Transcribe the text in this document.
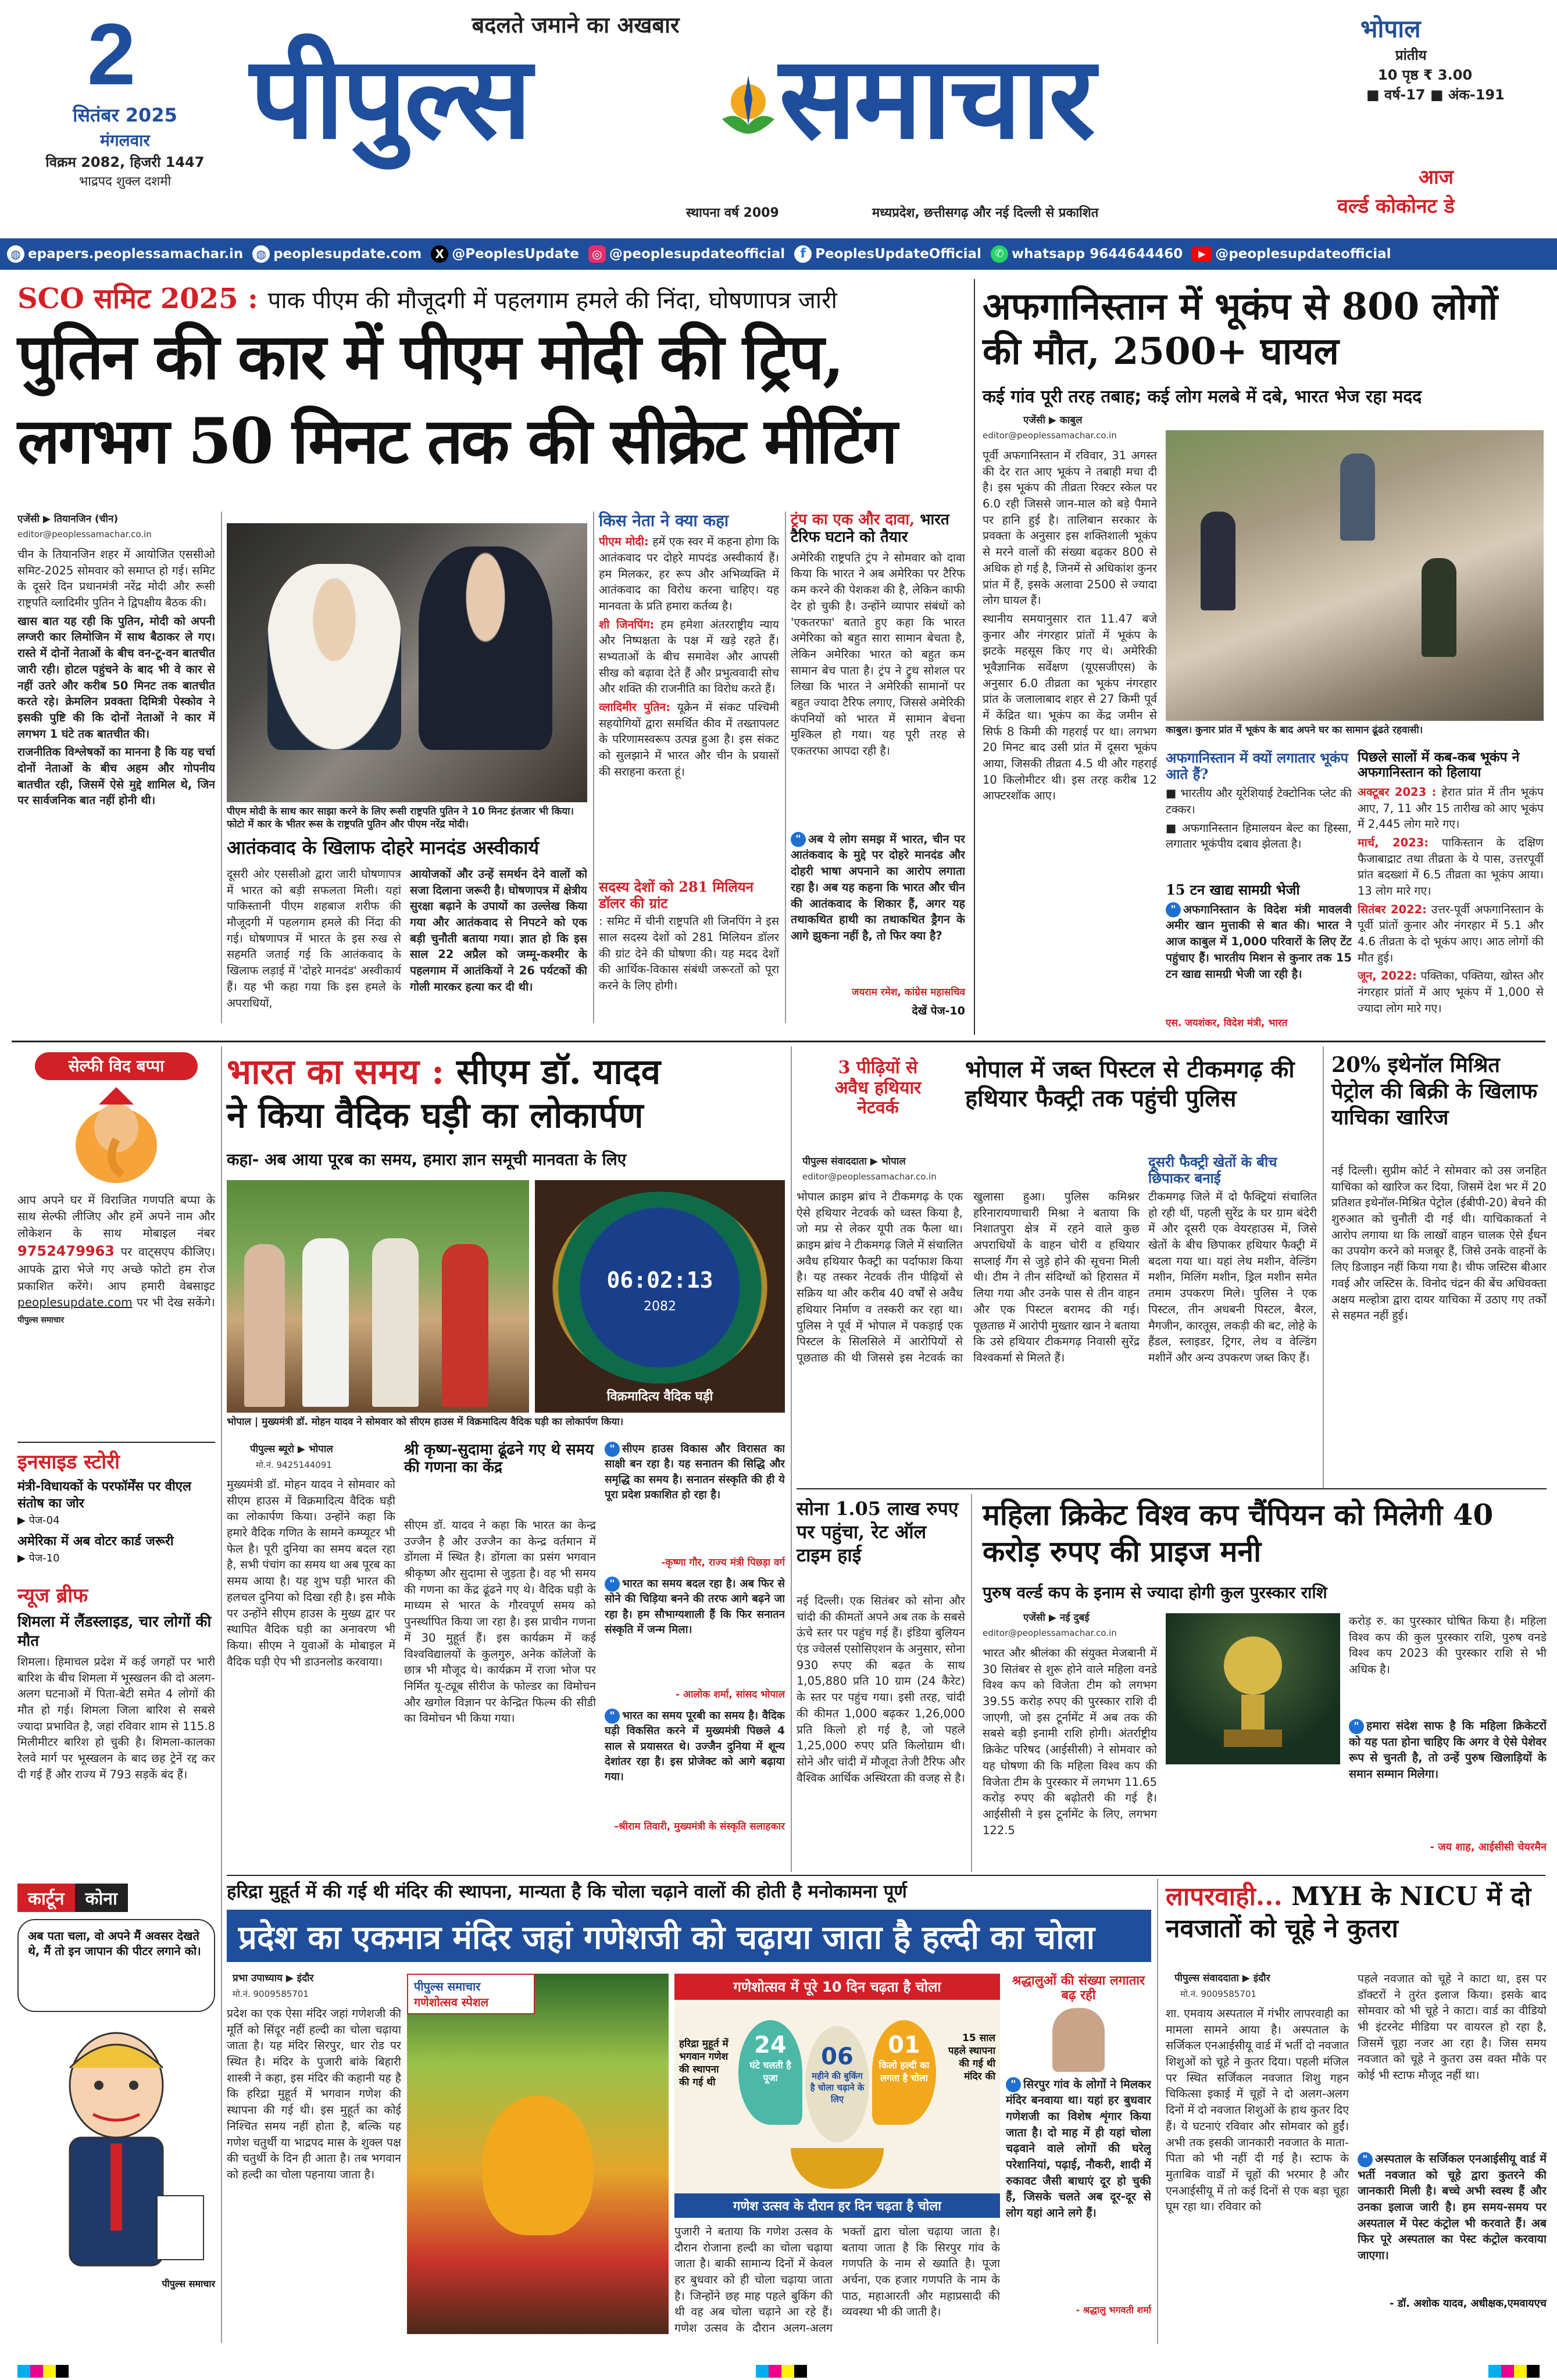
2
सितंबर 2025
मंगलवार
विक्रम 2082, हिजरी 1447
भाद्रपद शुक्ल दशमी
बदलते जमाने का अखबार
पीपुल्स समाचार
स्थापना वर्ष 2009	मध्यप्रदेश, छत्तीसगढ़ और नई दिल्ली से प्रकाशित
भोपाल
प्रांतीय
10 पृष्ठ ₹ 3.00
■ वर्ष-17 ■ अंक-191
आज
वर्ल्ड कोकोनट डे
◍ epapers.peoplessamachar.in	◍ peoplesupdate.com	X @PeoplesUpdate	◎ @peoplesupdateofficial	f PeoplesUpdateOfficial	✆ whatsapp 9644644460	▶ @peoplesupdateofficial
SCO समिट 2025 : पाक पीएम की मौजूदगी में पहलगाम हमले की निंदा, घोषणापत्र जारी
पुतिन की कार में पीएम मोदी की ट्रिप,
लगभग 50 मिनट तक की सीक्रेट मीटिंग
एजेंसी ▶ तियानजिन (चीन)
editor@peoplessamachar.co.in

चीन के तियानजिन शहर में आयोजित एससीओ समिट-2025 सोमवार को समाप्त हो गई। समिट के दूसरे दिन प्रधानमंत्री नरेंद्र मोदी और रूसी राष्ट्रपति व्लादिमीर पुतिन ने द्विपक्षीय बैठक की।

खास बात यह रही कि पुतिन, मोदी को अपनी लग्जरी कार लिमोजिन में साथ बैठाकर ले गए। रास्ते में दोनों नेताओं के बीच वन-टू-वन बातचीत जारी रही। होटल पहुंचने के बाद भी वे कार से नहीं उतरे और करीब 50 मिनट तक बातचीत करते रहे। क्रेमलिन प्रवक्ता दिमित्री पेस्कोव ने इसकी पुष्टि की कि दोनों नेताओं ने कार में लगभग 1 घंटे तक बातचीत की।

राजनीतिक विश्लेषकों का मानना है कि यह चर्चा दोनों नेताओं के बीच अहम और गोपनीय बातचीत रही, जिसमें ऐसे मुद्दे शामिल थे, जिन पर सार्वजनिक बात नहीं होनी थी।

पीएम मोदी के साथ कार साझा करने के लिए रूसी राष्ट्रपति पुतिन ने 10 मिनट इंतजार भी किया। फोटो में कार के भीतर रूस के राष्ट्रपति पुतिन और पीएम नरेंद्र मोदी।
आतंकवाद के खिलाफ दोहरे मानदंड अस्वीकार्य
दूसरी ओर एससीओ द्वारा जारी घोषणापत्र में भारत को बड़ी सफलता मिली। यहां पाकिस्तानी पीएम शहबाज शरीफ की मौजूदगी में पहलगाम हमले की निंदा की गई। घोषणापत्र में भारत के इस रुख से सहमति जताई गई कि आतंकवाद के खिलाफ लड़ाई में 'दोहरे मानदंड' अस्वीकार्य हैं। यह भी कहा गया कि इस हमले के अपराधियों,
आयोजकों और उन्हें समर्थन देने वालों को सजा दिलाना जरूरी है। घोषणापत्र में क्षेत्रीय सुरक्षा बढ़ाने के उपायों का उल्लेख किया गया और आतंकवाद से निपटने को एक बड़ी चुनौती बताया गया। ज्ञात हो कि इस साल 22 अप्रैल को जम्मू-कश्मीर के पहलगाम में आतंकियों ने 26 पर्यटकों की गोली मारकर हत्या कर दी थी।
किस नेता ने क्या कहा

पीएम मोदी: हमें एक स्वर में कहना होगा कि आतंकवाद पर दोहरे मापदंड अस्वीकार्य हैं। हम मिलकर, हर रूप और अभिव्यक्ति में आतंकवाद का विरोध करना चाहिए। यह मानवता के प्रति हमारा कर्तव्य है।

शी जिनपिंग: हम हमेशा अंतरराष्ट्रीय न्याय और निष्पक्षता के पक्ष में खड़े रहते हैं। सभ्यताओं के बीच समावेश और आपसी सीख को बढ़ावा देते हैं और प्रभुत्ववादी सोच और शक्ति की राजनीति का विरोध करते हैं।

व्लादिमीर पुतिन: यूक्रेन में संकट पश्चिमी सहयोगियों द्वारा समर्थित कीव में तख्तापलट के परिणामस्वरूप उत्पन्न हुआ है। इस संकट को सुलझाने में भारत और चीन के प्रयासों की सराहना करता हूं।

सदस्य देशों को 281 मिलियन डॉलर की ग्रांट
: समिट में चीनी राष्ट्रपति शी जिनपिंग ने इस साल सदस्य देशों को 281 मिलियन डॉलर की ग्रांट देने की घोषणा की। यह मदद देशों की आर्थिक-विकास संबंधी जरूरतों को पूरा करने के लिए होगी।
ट्रंप का एक और दावा, भारत टैरिफ घटाने को तैयार
अमेरिकी राष्ट्रपति ट्रंप ने सोमवार को दावा किया कि भारत ने अब अमेरिका पर टैरिफ कम करने की पेशकश की है, लेकिन काफी देर हो चुकी है। उन्होंने व्यापार संबंधों को 'एकतरफा' बताते हुए कहा कि भारत अमेरिका को बहुत सारा सामान बेचता है, लेकिन अमेरिका भारत को बहुत कम सामान बेच पाता है। ट्रंप ने ट्रुथ सोशल पर लिखा कि भारत ने अमेरिकी सामानों पर बहुत ज्यादा टैरिफ लगाए, जिससे अमेरिकी कंपनियों को भारत में सामान बेचना मुश्किल हो गया। यह पूरी तरह से एकतरफा आपदा रही है।
" अब ये लोग समझ में भारत, चीन पर आतंकवाद के मुद्दे पर दोहरे मानदंड और दोहरी भाषा अपनाने का आरोप लगाता रहा है। अब यह कहना कि भारत और चीन की आतंकवाद के शिकार हैं, अगर यह तथाकथित हाथी का तथाकथित ड्रैगन के आगे झुकना नहीं है, तो फिर क्या है?
जयराम रमेश, कांग्रेस महासचिव
देखें पेज-10
अफगानिस्तान में भूकंप से 800 लोगों की मौत, 2500+ घायल
कई गांव पूरी तरह तबाह; कई लोग मलबे में दबे, भारत भेज रहा मदद
एजेंसी ▶ काबुल
editor@peoplessamachar.co.in

पूर्वी अफगानिस्तान में रविवार, 31 अगस्त की देर रात आए भूकंप ने तबाही मचा दी है। इस भूकंप की तीव्रता रिक्टर स्केल पर 6.0 रही जिससे जान-माल को बड़े पैमाने पर हानि हुई है। तालिबान सरकार के प्रवक्ता के अनुसार इस शक्तिशाली भूकंप से मरने वालों की संख्या बढ़कर 800 से अधिक हो गई है, जिनमें से अधिकांश कुनर प्रांत में हैं, इसके अलावा 2500 से ज्यादा लोग घायल हैं।

स्थानीय समयानुसार रात 11.47 बजे कुनार और नंगरहार प्रांतों में भूकंप के झटके महसूस किए गए थे। अमेरिकी भूवैज्ञानिक सर्वेक्षण (यूएसजीएस) के अनुसार 6.0 तीव्रता का भूकंप नंगरहार प्रांत के जलालाबाद शहर से 27 किमी पूर्व में केंद्रित था। भूकंप का केंद्र जमीन से सिर्फ 8 किमी की गहराई पर था। लगभग 20 मिनट बाद उसी प्रांत में दूसरा भूकंप आया, जिसकी तीव्रता 4.5 थी और गहराई 10 किलोमीटर थी। इस तरह करीब 12 आफ्टरशॉक आए।

काबुल। कुनार प्रांत में भूकंप के बाद अपने घर का सामान ढूंढते रहवासी।
अफगानिस्तान में क्यों लगातार भूकंप आते हैं?

■ भारतीय और यूरेशियाई टेक्टोनिक प्लेट की टक्कर।

■ अफगानिस्तान हिमालयन बेल्ट का हिस्सा, लगातार भूकंपीय दबाव झेलता है।

15 टन खाद्य सामग्री भेजी
" अफगानिस्तान के विदेश मंत्री मावलवी अमीर खान मुत्ताकी से बात की। भारत ने आज काबुल में 1,000 परिवारों के लिए टेंट पहुंचाए हैं। भारतीय मिशन से कुनार तक 15 टन खाद्य सामग्री भेजी जा रही है।
एस. जयशंकर, विदेश मंत्री, भारत
पिछले सालों में कब-कब भूकंप ने अफगानिस्तान को हिलाया

अक्टूबर 2023 : हेरात प्रांत में तीन भूकंप आए, 7, 11 और 15 तारीख को आए भूकंप में 2,445 लोग मारे गए।

मार्च, 2023: पाकिस्तान के दक्षिण फैजाबाद्राट तथा तीव्रता के ये पास, उत्तरपूर्वी प्रांत बदख्शां में 6.5 तीव्रता का भूकंप आया। 13 लोग मारे गए।

सितंबर 2022: उत्तर-पूर्वी अफगानिस्तान के पूर्वी प्रांतों कुनार और नंगरहार में 5.1 और 4.6 तीव्रता के दो भूकंप आए। आठ लोगों की मौत हुई।

जून, 2022: पक्तिका, पक्तिया, खोस्त और नंगरहार प्रांतों में आए भूकंप में 1,000 से ज्यादा लोग मारे गए।

सेल्फी विद बप्पा
आप अपने घर में विराजित गणपति बप्पा के साथ सेल्फी लीजिए और हमें अपने नाम और लोकेशन के साथ मोबाइल नंबर 9752479963 पर वाट्सएप कीजिए। आपके द्वारा भेजे गए अच्छे फोटो हम रोज प्रकाशित करेंगे। आप हमारी वेबसाइट peoplesupdate.com पर भी देख सकेंगे। पीपुल्स समाचार
इनसाइड स्टोरी
मंत्री-विधायकों के परफॉर्मेंस पर वीएल संतोष का जोर
▶ पेज-04
अमेरिका में अब वोटर कार्ड जरूरी
▶ पेज-10
न्यूज ब्रीफ
शिमला में लैंडस्लाइड, चार लोगों की मौत
शिमला। हिमाचल प्रदेश में कई जगहों पर भारी बारिश के बीच शिमला में भूस्खलन की दो अलग-अलग घटनाओं में पिता-बेटी समेत 4 लोगों की मौत हो गई। शिमला जिला बारिश से सबसे ज्यादा प्रभावित है, जहां रविवार शाम से 115.8 मिलीमीटर बारिश हो चुकी है। शिमला-कालका रेलवे मार्ग पर भूस्खलन के बाद छह ट्रेनें रद्द कर दी गई हैं और राज्य में 793 सड़कें बंद हैं।
कार्टून	कोना
अब पता चला, वो अपने मैं अवसर देखते थे, मैं तो इन जापान की पीटर लगाने को।
पीपुल्स समाचार
भारत का समय : सीएम डॉ. यादव
ने किया वैदिक घड़ी का लोकार्पण
कहा- अब आया पूरब का समय, हमारा ज्ञान समूची मानवता के लिए
06:02:13
2082
विक्रमादित्य वैदिक घड़ी
भोपाल | मुख्यमंत्री डॉ. मोहन यादव ने सोमवार को सीएम हाउस में विक्रमादित्य वैदिक घड़ी का लोकार्पण किया।
पीपुल्स ब्यूरो ▶ भोपाल
मो.नं. 9425144091
मुख्यमंत्री डॉ. मोहन यादव ने सोमवार को सीएम हाउस में विक्रमादित्य वैदिक घड़ी का लोकार्पण किया। उन्होंने कहा कि हमारे वैदिक गणित के सामने कम्प्यूटर भी फेल है। पूरी दुनिया का समय बदल रहा है, सभी पंचांग का समय था अब पूरब का समय आया है। यह शुभ घड़ी भारत की हलचल दुनिया को दिखा रही है। इस मौके पर उन्होंने सीएम हाउस के मुख्य द्वार पर स्थापित वैदिक घड़ी का अनावरण भी किया। सीएम ने युवाओं के मोबाइल में वैदिक घड़ी ऐप भी डाउनलोड करवाया।
श्री कृष्ण-सुदामा ढूंढने गए थे समय की गणना का केंद्र
सीएम डॉ. यादव ने कहा कि भारत का केन्द्र उज्जैन है और उज्जैन का केन्द्र वर्तमान में डोंगला में स्थित है। डोंगला का प्रसंग भगवान श्रीकृष्ण और सुदामा से जुड़ता है। वह भी समय की गणना का केंद्र ढूंढने गए थे। वैदिक घड़ी के माध्यम से भारत के गौरवपूर्ण समय को पुनर्स्थापित किया जा रहा है। इस प्राचीन गणना में 30 मुहूर्त हैं। इस कार्यक्रम में कई विश्वविद्यालयों के कुलगुरु, अनेक कॉलेजों के छात्र भी मौजूद थे। कार्यक्रम में राजा भोज पर निर्मित यू-ट्यूब सीरीज के फोल्डर का विमोचन और खगोल विज्ञान पर केन्द्रित फिल्म की सीडी का विमोचन भी किया गया।
" सीएम हाउस विकास और विरासत का साक्षी बन रहा है। यह सनातन की सिद्धि और समृद्धि का समय है। सनातन संस्कृति की ही ये पूरा प्रदेश प्रकाशित हो रहा है।
-कृष्णा गौर, राज्य मंत्री पिछड़ा वर्ग
" भारत का समय बदल रहा है। अब फिर से सोने की चिड़िया बनने की तरफ आगे बढ़ने जा रहा है। हम सौभाग्यशाली हैं कि फिर सनातन संस्कृति में जन्म मिला।
- आलोक शर्मा, सांसद भोपाल
" भारत का समय पूरबी का समय है। वैदिक घड़ी विकसित करने में मुख्यमंत्री पिछले 4 साल से प्रयासरत थे। उज्जैन दुनिया में शून्य देशांतर रहा है। इस प्रोजेक्ट को आगे बढ़ाया गया।
-श्रीराम तिवारी, मुख्यमंत्री के संस्कृति सलाहकार
3 पीढ़ियों से
अवैध हथियार
नेटवर्क
भोपाल में जब्त पिस्टल से टीकमगढ़ की हथियार फैक्ट्री तक पहुंची पुलिस
पीपुल्स संवाददाता ▶ भोपाल
editor@peoplessamachar.co.in
भोपाल क्राइम ब्रांच ने टीकमगढ़ के एक ऐसे हथियार नेटवर्क को ध्वस्त किया है, जो मप्र से लेकर यूपी तक फैला था। क्राइम ब्रांच ने टीकमगढ़ जिले में संचालित अवैध हथियार फैक्ट्री का पर्दाफाश किया है। यह तस्कर नेटवर्क तीन पीढ़ियों से सक्रिय था और करीब 40 वर्षों से अवैध हथियार निर्माण व तस्करी कर रहा था। पुलिस ने पूर्व में भोपाल में पकड़ाई एक पिस्टल के सिलसिले में आरोपियों से पूछताछ की थी जिससे इस नेटवर्क का खुलासा हुआ। पुलिस कमिश्नर हरिनारायणाचारी मिश्रा ने बताया कि निशातपुरा क्षेत्र में रहने वाले कुछ अपराधियों के वाहन चोरी व हथियार सप्लाई गैंग से जुड़े होने की सूचना मिली थी। टीम ने तीन संदिग्धों को हिरासत में लिया गया और उनके पास से तीन वाहन और एक पिस्टल बरामद की गई। पूछताछ में आरोपी मुख्तार खान ने बताया कि उसे हथियार टीकमगढ़ निवासी सुरेंद्र विश्वकर्मा से मिलते हैं।
दूसरी फैक्ट्री खेतों के बीच छिपाकर बनाई
टीकमगढ़ जिले में दो फैक्ट्रियां संचालित हो रही थीं, पहली सुरेंद्र के घर ग्राम बंदेरी में और दूसरी एक वेयरहाउस में, जिसे खेतों के बीच छिपाकर हथियार फैक्ट्री में बदला गया था। यहां लेथ मशीन, वेल्डिंग मशीन, मिलिंग मशीन, ड्रिल मशीन समेत तमाम उपकरण मिले। पुलिस ने एक पिस्टल, तीन अधबनी पिस्टल, बैरल, मैगजीन, कारतूस, लकड़ी की बट, लोहे के हैंडल, स्लाइडर, ट्रिगर, लेथ व वेल्डिंग मशीनें और अन्य उपकरण जब्त किए हैं।
20% इथेनॉल मिश्रित पेट्रोल की बिक्री के खिलाफ याचिका खारिज
नई दिल्ली। सुप्रीम कोर्ट ने सोमवार को उस जनहित याचिका को खारिज कर दिया, जिसमें देश भर में 20 प्रतिशत इथेनॉल-मिश्रित पेट्रोल (ईबीपी-20) बेचने की शुरुआत को चुनौती दी गई थी। याचिकाकर्ता ने आरोप लगाया था कि लाखों वाहन चालक ऐसे ईंधन का उपयोग करने को मजबूर हैं, जिसे उनके वाहनों के लिए डिजाइन नहीं किया गया है। चीफ जस्टिस बीआर गवई और जस्टिस के. विनोद चंद्रन की बेंच अधिवक्ता अक्षय मल्होत्रा द्वारा दायर याचिका में उठाए गए तर्कों से सहमत नहीं हुई।
सोना 1.05 लाख रुपए पर पहुंचा, रेट ऑल टाइम हाई
नई दिल्ली। एक सितंबर को सोना और चांदी की कीमतों अपने अब तक के सबसे ऊंचे स्तर पर पहुंच गई हैं। इंडिया बुलियन एंड ज्वेलर्स एसोसिएशन के अनुसार, सोना 930 रुपए की बढ़त के साथ 1,05,880 प्रति 10 ग्राम (24 कैरेट) के स्तर पर पहुंच गया। इसी तरह, चांदी की कीमत 1,000 बढ़कर 1,26,000 प्रति किलो हो गई है, जो पहले 1,25,000 रुपए प्रति किलोग्राम थी। सोने और चांदी में मौजूदा तेजी टैरिफ और वैश्विक आर्थिक अस्थिरता की वजह से है।
महिला क्रिकेट विश्व कप चैंपियन को मिलेगी 40 करोड़ रुपए की प्राइज मनी
पुरुष वर्ल्ड कप के इनाम से ज्यादा होगी कुल पुरस्कार राशि
एजेंसी ▶ नई दुबई
editor@peoplessamachar.co.in
भारत और श्रीलंका की संयुक्त मेजबानी में 30 सितंबर से शुरू होने वाले महिला वनडे विश्व कप को विजेता टीम को लगभग 39.55 करोड़ रुपए की पुरस्कार राशि दी जाएगी, जो इस टूर्नामेंट में अब तक की सबसे बड़ी इनामी राशि होगी। अंतर्राष्ट्रीय क्रिकेट परिषद (आईसीसी) ने सोमवार को यह घोषणा की कि महिला विश्व कप की विजेता टीम के पुरस्कार में लगभग 11.65 करोड़ रुपए की बढ़ोतरी की गई है। आईसीसी ने इस टूर्नामेंट के लिए, लगभग 122.5
करोड़ रु. का पुरस्कार घोषित किया है। महिला विश्व कप की कुल पुरस्कार राशि, पुरुष वनडे विश्व कप 2023 की पुरस्कार राशि से भी अधिक है।
" हमारा संदेश साफ है कि महिला क्रिकेटरों को यह पता होना चाहिए कि अगर वे ऐसे पेशेवर रूप से चुनती है, तो उन्हें पुरुष खिलाड़ियों के समान सम्मान मिलेगा।
- जय शाह, आईसीसी चेयरमैन
हरिद्रा मुहूर्त में की गई थी मंदिर की स्थापना, मान्यता है कि चोला चढ़ाने वालों की होती है मनोकामना पूर्ण
प्रदेश का एकमात्र मंदिर जहां गणेशजी को चढ़ाया जाता है हल्दी का चोला
प्रभा उपाध्याय ▶ इंदौर
मो.नं. 9009585701
प्रदेश का एक ऐसा मंदिर जहां गणेशजी की मूर्ति को सिंदूर नहीं हल्दी का चोला चढ़ाया जाता है। यह मंदिर सिरपुर, धार रोड पर स्थित है। मंदिर के पुजारी बांके बिहारी शास्त्री ने कहा, इस मंदिर की कहानी यह है कि हरिद्रा मुहूर्त में भगवान गणेश की स्थापना की गई थी। इस मुहूर्त का कोई निश्चित समय नहीं होता है, बल्कि यह गणेश चतुर्थी या भाद्रपद मास के शुक्ल पक्ष की चतुर्थी के दिन ही आता है। तब भगवान को हल्दी का चोला पहनाया जाता है।
पीपुल्स समाचार
गणेशोत्सव स्पेशल
गणेशोत्सव में पूरे 10 दिन चढ़ता है चोला
हरिद्रा मुहूर्त में भगवान गणेश की स्थापना की गई थी
15 साल पहले स्थापना की गई थी मंदिर की
24
घंटे चलती है पूजा
06
महीने की बुकिंग है चोला चढ़ाने के लिए
01
किलो हल्दी का लगता है चोला
गणेश उत्सव के दौरान हर दिन चढ़ता है चोला
पुजारी ने बताया कि गणेश उत्सव के दौरान रोजाना हल्दी का चोला चढ़ाया जाता है। बाकी सामान्य दिनों में केवल हर बुधवार को ही चोला चढ़ाया जाता है। जिन्होंने छह माह पहले बुकिंग की थी वह अब चोला चढ़ाने आ रहे हैं। गणेश उत्सव के दौरान अलग-अलग भक्तों द्वारा चोला चढ़ाया जाता है। बताया जाता है कि सिरपुर गांव के गणपति के नाम से ख्याति है। पूजा अर्चना, एक हजार गणपति के नाम के पाठ, महाआरती और महाप्रसादी की व्यवस्था भी की जाती है।
श्रद्धालुओं की संख्या लगातार बढ़ रही
" सिरपुर गांव के लोगों ने मिलकर मंदिर बनवाया था। यहां हर बुधवार गणेशजी का विशेष शृंगार किया जाता है। दो माह में ही यहां चोला चढ़वाने वाले लोगों की घरेलू परेशानियां, पढ़ाई, नौकरी, शादी में रुकावट जैसी बाधाएं दूर हो चुकी हैं, जिसके चलते अब दूर-दूर से लोग यहां आने लगे हैं।
- श्रद्धालु भगवती शर्मा
लापरवाही... MYH के NICU में दो नवजातों को चूहे ने कुतरा
पीपुल्स संवाददाता ▶ इंदौर
मो.नं. 9009585701
शा. एमवाय अस्पताल में गंभीर लापरवाही का मामला सामने आया है। अस्पताल के सर्जिकल एनआईसीयू वार्ड में भर्ती दो नवजात शिशुओं को चूहे ने कुतर दिया। पहली मंजिल पर स्थित सर्जिकल नवजात शिशु गहन चिकित्सा इकाई में चूहों ने दो अलग-अलग दिनों में दो नवजात शिशुओं के हाथ कुतर दिए हैं। ये घटनाएं रविवार और सोमवार को हुईं। अभी तक इसकी जानकारी नवजात के माता-पिता को भी नहीं दी गई है। स्टाफ के मुताबिक वार्डों में चूहों की भरमार है और एनआईसीयू में तो कई दिनों से एक बड़ा चूहा घूम रहा था। रविवार को
पहले नवजात को चूहे ने काटा था, इस पर डॉक्टरों ने तुरंत इलाज किया। इसके बाद सोमवार को भी चूहे ने काटा। वार्ड का वीडियो भी इंटरनेट मीडिया पर वायरल हो रहा है, जिसमें चूहा नजर आ रहा है। जिस समय नवजात को चूहे ने कुतरा उस वक्त मौके पर कोई भी स्टाफ मौजूद नहीं था।
" अस्पताल के सर्जिकल एनआईसीयू वार्ड में भर्ती नवजात को चूहे द्वारा कुतरने की जानकारी मिली है। बच्चे अभी स्वस्थ हैं और उनका इलाज जारी है। हम समय-समय पर अस्पताल में पेस्ट कंट्रोल भी करवाते हैं। अब फिर पूरे अस्पताल का पेस्ट कंट्रोल करवाया जाएगा।
- डॉ. अशोक यादव, अधीक्षक,एमवायएच
